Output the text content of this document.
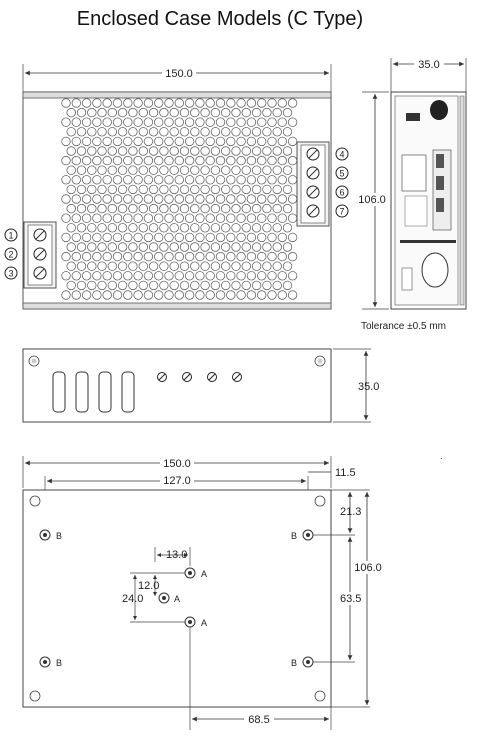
Enclosed Case Models (C Type)
150.0
4
5
6
7
1
2
3
35.0
106.0
Tolerance ±0.5 mm
35.0
150.0
127.0
11.5
B	B
B	B
A
A
A
13.0
12.0
24.0
21.3
63.5
106.0
68.5
.
